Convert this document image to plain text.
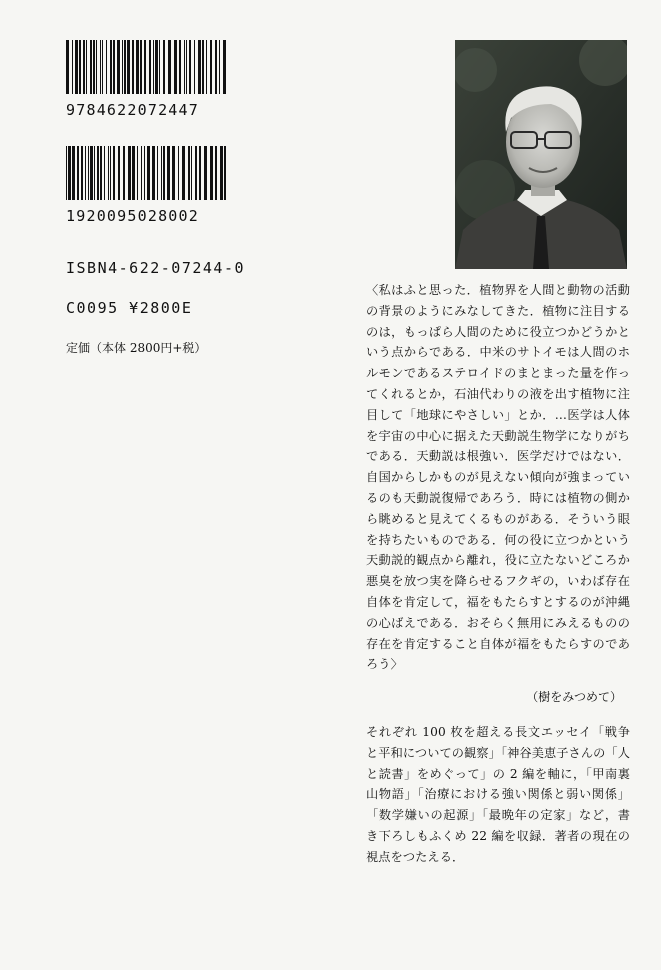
9784622072447
1920095028002
ISBN4-622-07244-0
C0095 ¥2800E
定価（本体 2800円+税）
〈私はふと思った．植物界を人間と動物の活動の背景のようにみなしてきた．植物に注目するのは，もっぱら人間のために役立つかどうかという点からである．中米のサトイモは人間のホルモンであるステロイドのまとまった量を作ってくれるとか，石油代わりの液を出す植物に注目して「地球にやさしい」とか．…医学は人体を宇宙の中心に据えた天動説生物学になりがちである．天動説は根強い．医学だけではない．自国からしかものが見えない傾向が強まっているのも天動説復帰であろう．時には植物の側から眺めると見えてくるものがある．そういう眼を持ちたいものである．何の役に立つかという天動説的観点から離れ，役に立たないどころか悪臭を放つ実を降らせるフクギの，いわば存在自体を肯定して，福をもたらすとするのが沖縄の心ばえである．おそらく無用にみえるものの存在を肯定すること自体が福をもたらすのであろう〉
（樹をみつめて）
それぞれ 100 枚を超える長文エッセイ「戦争と平和についての観察」「神谷美恵子さんの「人と読書」をめぐって」の 2 編を軸に，「甲南裏山物語」「治療における強い関係と弱い関係」「数学嫌いの起源」「最晩年の定家」など，書き下ろしもふくめ 22 編を収録．著者の現在の視点をつたえる．
